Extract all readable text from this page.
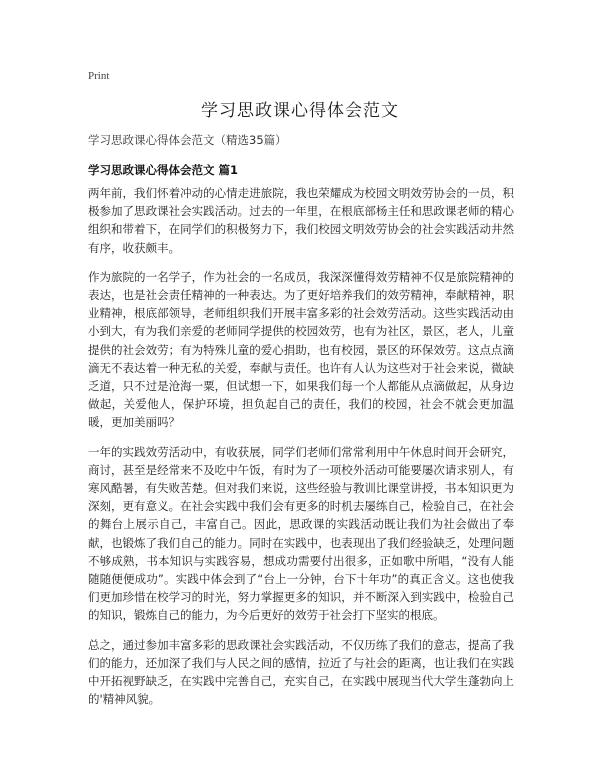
Print
学习思政课心得体会范文
学习思政课心得体会范文（精选35篇）
学习思政课心得体会范文 篇1

两年前，我们怀着冲动的心情走进旅院，我也荣耀成为校园文明效劳协会的一员，积极参加了思政课社会实践活动。过去的一年里，在根底部杨主任和思政课老师的精心组织和带着下，在同学们的积极努力下，我们校园文明效劳协会的社会实践活动井然有序，收获颇丰。

作为旅院的一名学子，作为社会的一名成员，我深深懂得效劳精神不仅是旅院精神的表达，也是社会责任精神的一种表达。为了更好培养我们的效劳精神，奉献精神，职业精神，根底部领导，老师组织我们开展丰富多彩的社会效劳活动。这些实践活动由小到大，有为我们亲爱的老师同学提供的校园效劳，也有为社区，景区，老人，儿童提供的社会效劳；有为特殊儿童的爱心捐助，也有校园，景区的环保效劳。这点点滴滴无不表达着一种无私的关爱，奉献与责任。也许有人认为这些对于社会来说，微缺乏道，只不过是沧海一粟，但试想一下，如果我们每一个人都能从点滴做起，从身边做起，关爱他人，保护环境，担负起自己的责任，我们的校园，社会不就会更加温暖，更加美丽吗？

一年的实践效劳活动中，有收获展，同学们老师们常常利用中午休息时间开会研究，商讨，甚至是经常来不及吃中午饭，有时为了一项校外活动可能要屡次请求别人，有寒风酷暑，有失败苦楚。但对我们来说，这些经验与教训比课堂讲授，书本知识更为深刻，更有意义。在社会实践中我们会有更多的时机去屡练自己，检验自己，在社会的舞台上展示自己，丰富自己。因此，思政课的实践活动既让我们为社会做出了奉献，也锻炼了我们自己的能力。同时在实践中，也表现出了我们经验缺乏，处理问题不够成熟，书本知识与实践容易，想成功需要付出很多，正如歌中所唱，“没有人能随随便便成功”。实践中体会到了“台上一分钟，台下十年功”的真正含义。这也使我们更加珍惜在校学习的时光，努力掌握更多的知识，并不断深入到实践中，检验自己的知识，锻炼自己的能力，为今后更好的效劳于社会打下坚实的根底。

总之，通过参加丰富多彩的思政课社会实践活动，不仅历练了我们的意志，提高了我们的能力，还加深了我们与人民之间的感情，拉近了与社会的距离，也让我们在实践中开拓视野缺乏，在实践中完善自己，充实自己，在实践中展现当代大学生蓬勃向上的'精神风貌。
